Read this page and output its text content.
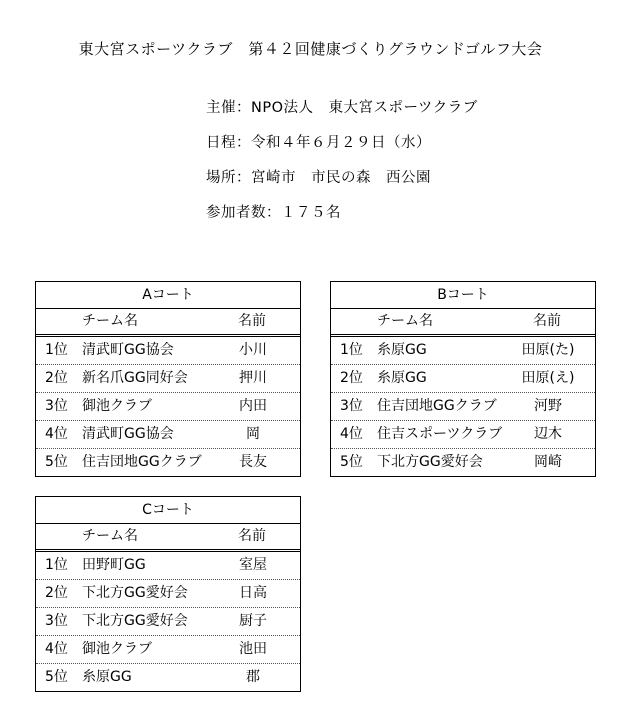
東大宮スポーツクラブ　第４２回健康づくりグラウンドゴルフ大会
主催：NPO法人　東大宮スポーツクラブ
日程：令和４年６月２９日（水）
場所：宮崎市　市民の森　西公園
参加者数：１７５名
Aコート
チーム名	名前
1位 清武町GG協会	小川
2位 新名爪GG同好会	押川
3位 御池クラブ	内田
4位 清武町GG協会	岡
5位 住吉団地GGクラブ	長友
Bコート
チーム名	名前
1位 糸原GG	田原(た)
2位 糸原GG	田原(え)
3位 住吉団地GGクラブ	河野
4位 住吉スポーツクラブ	辺木
5位 下北方GG愛好会	岡崎
Cコート
チーム名	名前
1位 田野町GG	室屋
2位 下北方GG愛好会	日高
3位 下北方GG愛好会	厨子
4位 御池クラブ	池田
5位 糸原GG	郡
